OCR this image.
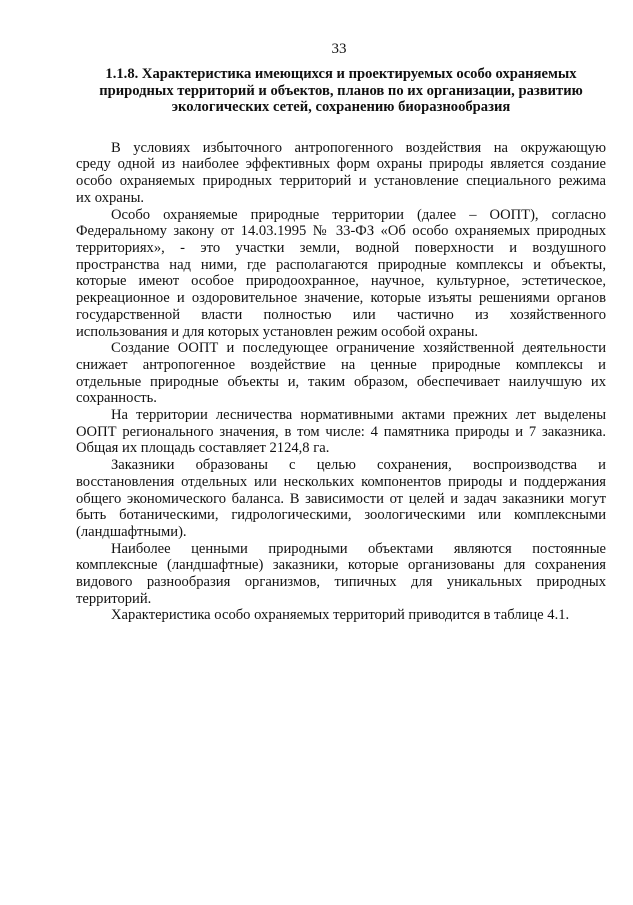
33
1.1.8. Характеристика имеющихся и проектируемых особо охраняемых
природных территорий и объектов, планов по их организации, развитию
экологических сетей, сохранению биоразнообразия

В условиях избыточного антропогенного воздействия на окружающую
среду одной из наиболее эффективных форм охраны природы является создание
особо охраняемых природных территорий и установление специального режима
их охраны.

Особо охраняемые природные территории (далее – ООПТ), согласно
Федеральному закону от 14.03.1995 № 33-ФЗ «Об особо охраняемых природных
территориях», - это участки земли, водной поверхности и воздушного
пространства над ними, где располагаются природные комплексы и объекты,
которые имеют особое природоохранное, научное, культурное, эстетическое,
рекреационное и оздоровительное значение, которые изъяты решениями органов
государственной власти полностью или частично из хозяйственного
использования и для которых установлен режим особой охраны.

Создание ООПТ и последующее ограничение хозяйственной деятельности
снижает антропогенное воздействие на ценные природные комплексы и
отдельные природные объекты и, таким образом, обеспечивает наилучшую их
сохранность.

На территории лесничества нормативными актами прежних лет выделены
ООПТ регионального значения, в том числе: 4 памятника природы и 7 заказника.
Общая их площадь составляет 2124,8 га.

Заказники образованы с целью сохранения, воспроизводства и
восстановления отдельных или нескольких компонентов природы и поддержания
общего экономического баланса. В зависимости от целей и задач заказники могут
быть ботаническими, гидрологическими, зоологическими или комплексными
(ландшафтными).

Наиболее ценными природными объектами являются постоянные
комплексные (ландшафтные) заказники, которые организованы для сохранения
видового разнообразия организмов, типичных для уникальных природных
территорий.

Характеристика особо охраняемых территорий приводится в таблице 4.1.
